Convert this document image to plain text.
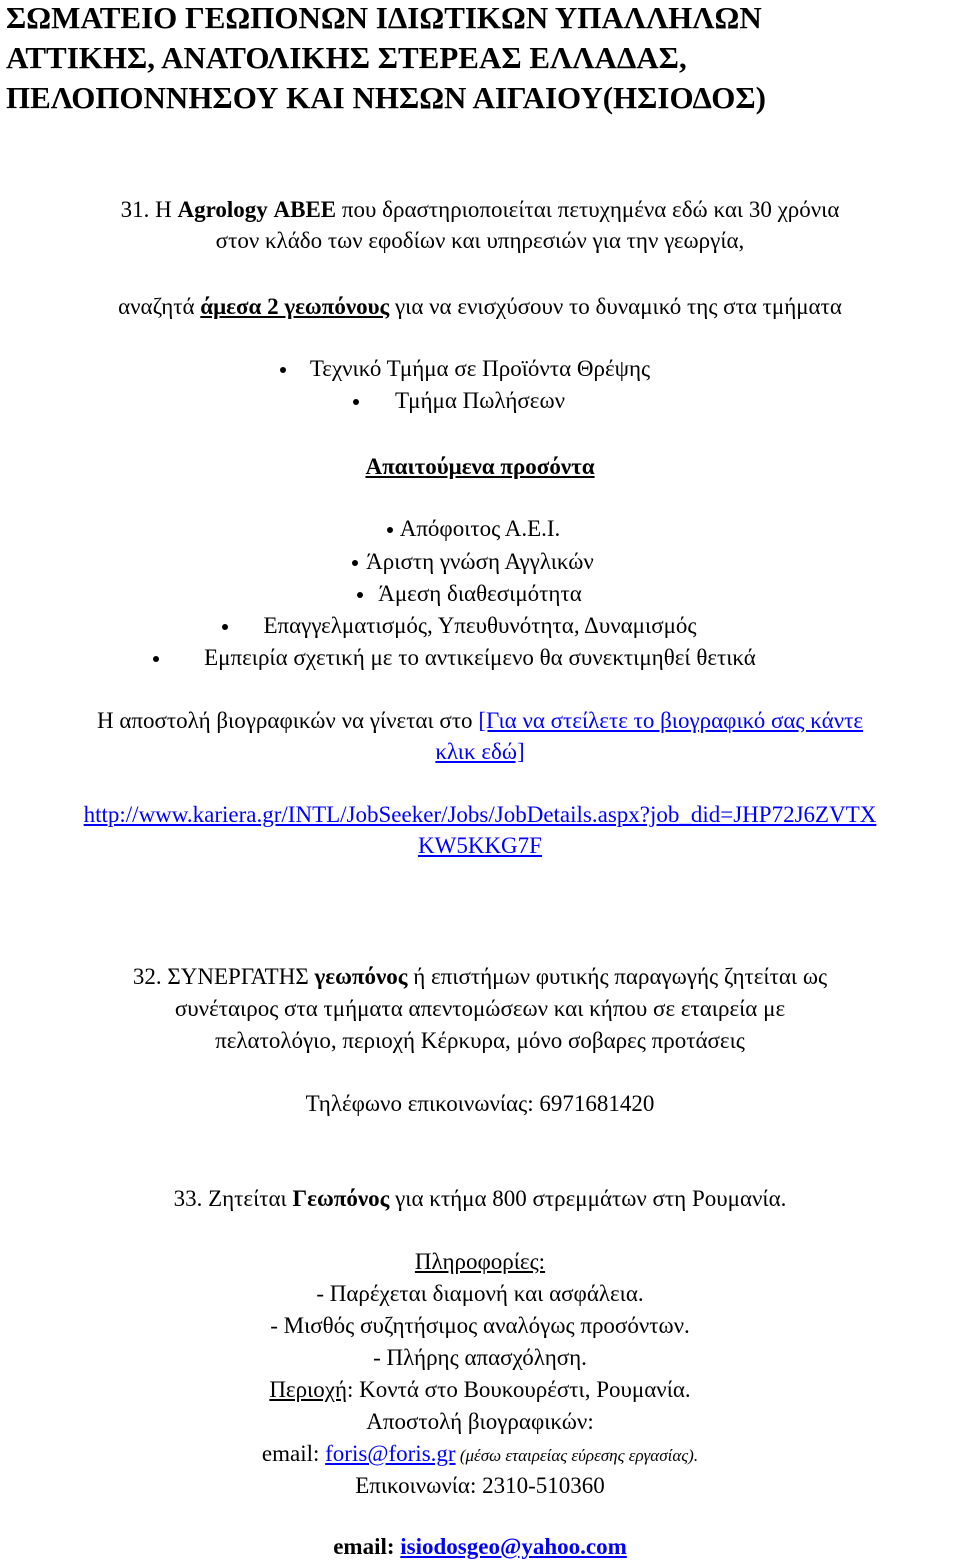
ΣΩΜΑΤΕΙΟ ΓΕΩΠΟΝΩΝ ΙΔΙΩΤΙΚΩΝ ΥΠΑΛΛΗΛΩΝ
ΑΤΤΙΚΗΣ, ΑΝΑΤΟΛΙΚΗΣ ΣΤΕΡΕΑΣ ΕΛΛΑΔΑΣ,
ΠΕΛΟΠΟΝΝΗΣΟΥ ΚΑΙ ΝΗΣΩΝ ΑΙΓΑΙΟΥ(ΗΣΙΟΔΟΣ)
31. Η Agrology ΑΒΕΕ που δραστηριοποιείται πετυχημένα εδώ και 30 χρόνια
στον κλάδο των εφοδίων και υπηρεσιών για την γεωργία,
αναζητά άμεσα 2 γεωπόνους για να ενισχύσουν το δυναμικό της στα τμήματα
Τεχνικό Τμήμα σε Προϊόντα Θρέψης
Τμήμα Πωλήσεων
Απαιτούμενα προσόντα
Απόφοιτος Α.Ε.Ι.
Άριστη γνώση Αγγλικών
Άμεση διαθεσιμότητα
Επαγγελματισμός, Υπευθυνότητα, Δυναμισμός
Εμπειρία σχετική με το αντικείμενο θα συνεκτιμηθεί θετικά
Η αποστολή βιογραφικών να γίνεται στο [Για να στείλετε το βιογραφικό σας κάντε
κλικ εδώ]
http://www.kariera.gr/INTL/JobSeeker/Jobs/JobDetails.aspx?job_did=JHP72J6ZVTX
KW5KKG7F
32. ΣΥΝΕΡΓΑΤΗΣ γεωπόνος ή επιστήμων φυτικής παραγωγής ζητείται ως
συνέταιρος στα τμήματα απεντομώσεων και κήπου σε εταιρεία με
πελατολόγιο, περιοχή Κέρκυρα, μόνο σοβαρες προτάσεις
Τηλέφωνο επικοινωνίας: 6971681420
33. Ζητείται Γεωπόνος για κτήμα 800 στρεμμάτων στη Ρουμανία.
Πληροφορίες:
- Παρέχεται διαμονή και ασφάλεια.
- Μισθός συζητήσιμος αναλόγως προσόντων.
- Πλήρης απασχόληση.
Περιοχή: Κοντά στο Βουκουρέστι, Ρουμανία.
Αποστολή βιογραφικών:
email: foris@foris.gr (μέσω εταιρείας εύρεσης εργασίας).
Επικοινωνία: 2310-510360
email: isiodosgeo@yahoo.com
